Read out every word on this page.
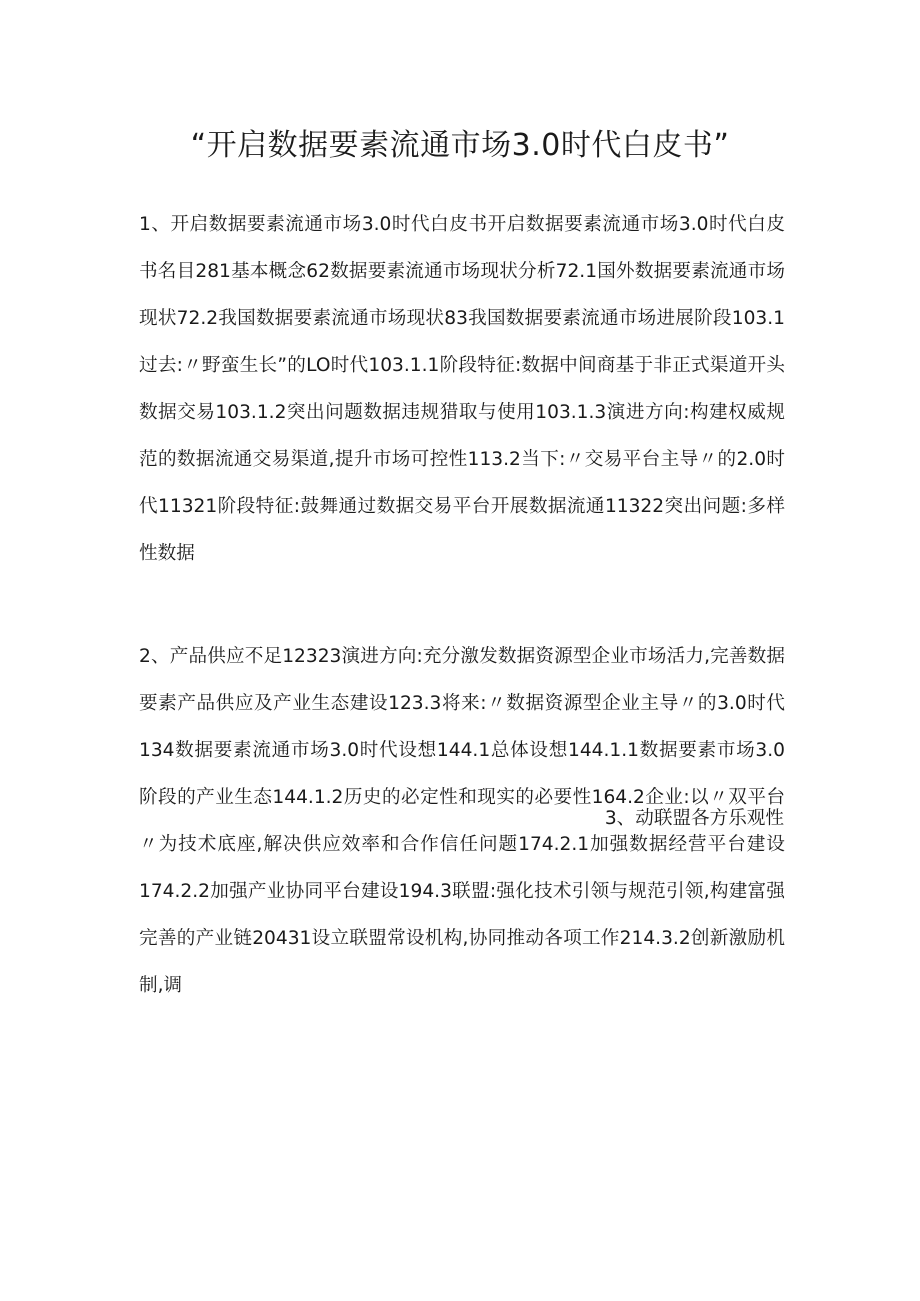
“开启数据要素流通市场3.0时代白皮书”

1、开启数据要素流通市场3.0时代白皮书开启数据要素流通市场3.0时代白皮书名目281基本概念62数据要素流通市场现状分析72.1国外数据要素流通市场现状72.2我国数据要素流通市场现状83我国数据要素流通市场进展阶段103.1过去:〃野蛮生长”的LO时代103.1.1阶段特征:数据中间商基于非正式渠道开头数据交易103.1.2突出问题数据违规猎取与使用103.1.3演进方向:构建权威规范的数据流通交易渠道,提升市场可控性113.2当下:〃交易平台主导〃的2.0时代11321阶段特征:鼓舞通过数据交易平台开展数据流通11322突出问题:多样性数据

2、产品供应不足12323演进方向:充分激发数据资源型企业市场活力,完善数据要素产品供应及产业生态建设123.3将来:〃数据资源型企业主导〃的3.0时代134数据要素流通市场3.0时代设想144.1总体设想144.1.1数据要素市场3.0阶段的产业生态144.1.2历史的必定性和现实的必要性164.2企业:以〃双平台〃为技术底座,解决供应效率和合作信任问题174.2.1加强数据经营平台建设174.2.2加强产业协同平台建设194.3联盟:强化技术引领与规范引领,构建富强完善的产业链20431设立联盟常设机构,协同推动各项工作214.3.2创新激励机制,调

3、动联盟各方乐观性
